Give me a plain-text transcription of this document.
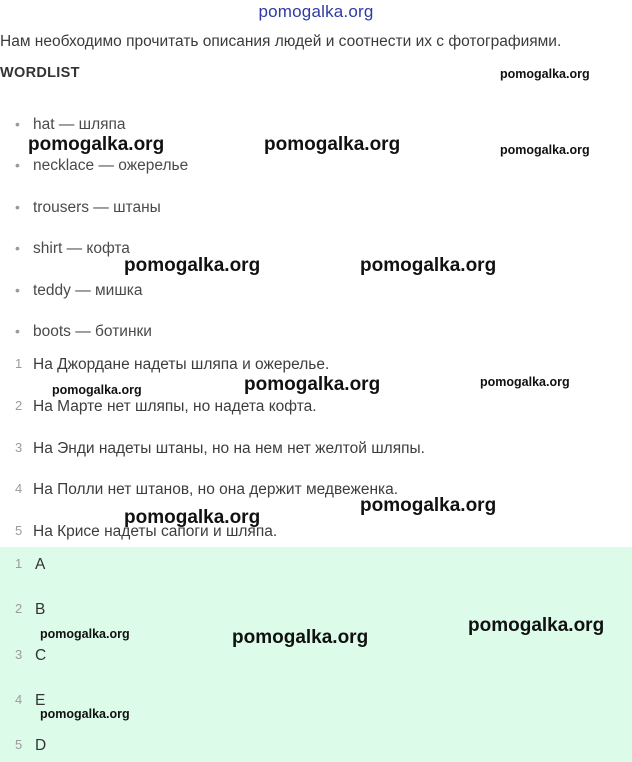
pomogalka.org
Нам необходимо прочитать описания людей и соотнести их с фотографиями.
WORDLIST
• hat — шляпа
• necklace — ожерелье
• trousers — штаны
• shirt — кофта
• teddy — мишка
• boots — ботинки
1 На Джордане надеты шляпа и ожерелье.
2 На Марте нет шляпы, но надета кофта.
3 На Энди надеты штаны, но на нем нет желтой шляпы.
4 На Полли нет штанов, но она держит медвеженка.
5 На Крисе надеты сапоги и шляпа.
1 A
2 B
3 C
4 E
5 D
pomogalka.org
pomogalka.org	pomogalka.org	pomogalka.org
pomogalka.org	pomogalka.org
pomogalka.org	pomogalka.org	pomogalka.org
pomogalka.org
pomogalka.org
pomogalka.org
pomogalka.org	pomogalka.org
pomogalka.org
